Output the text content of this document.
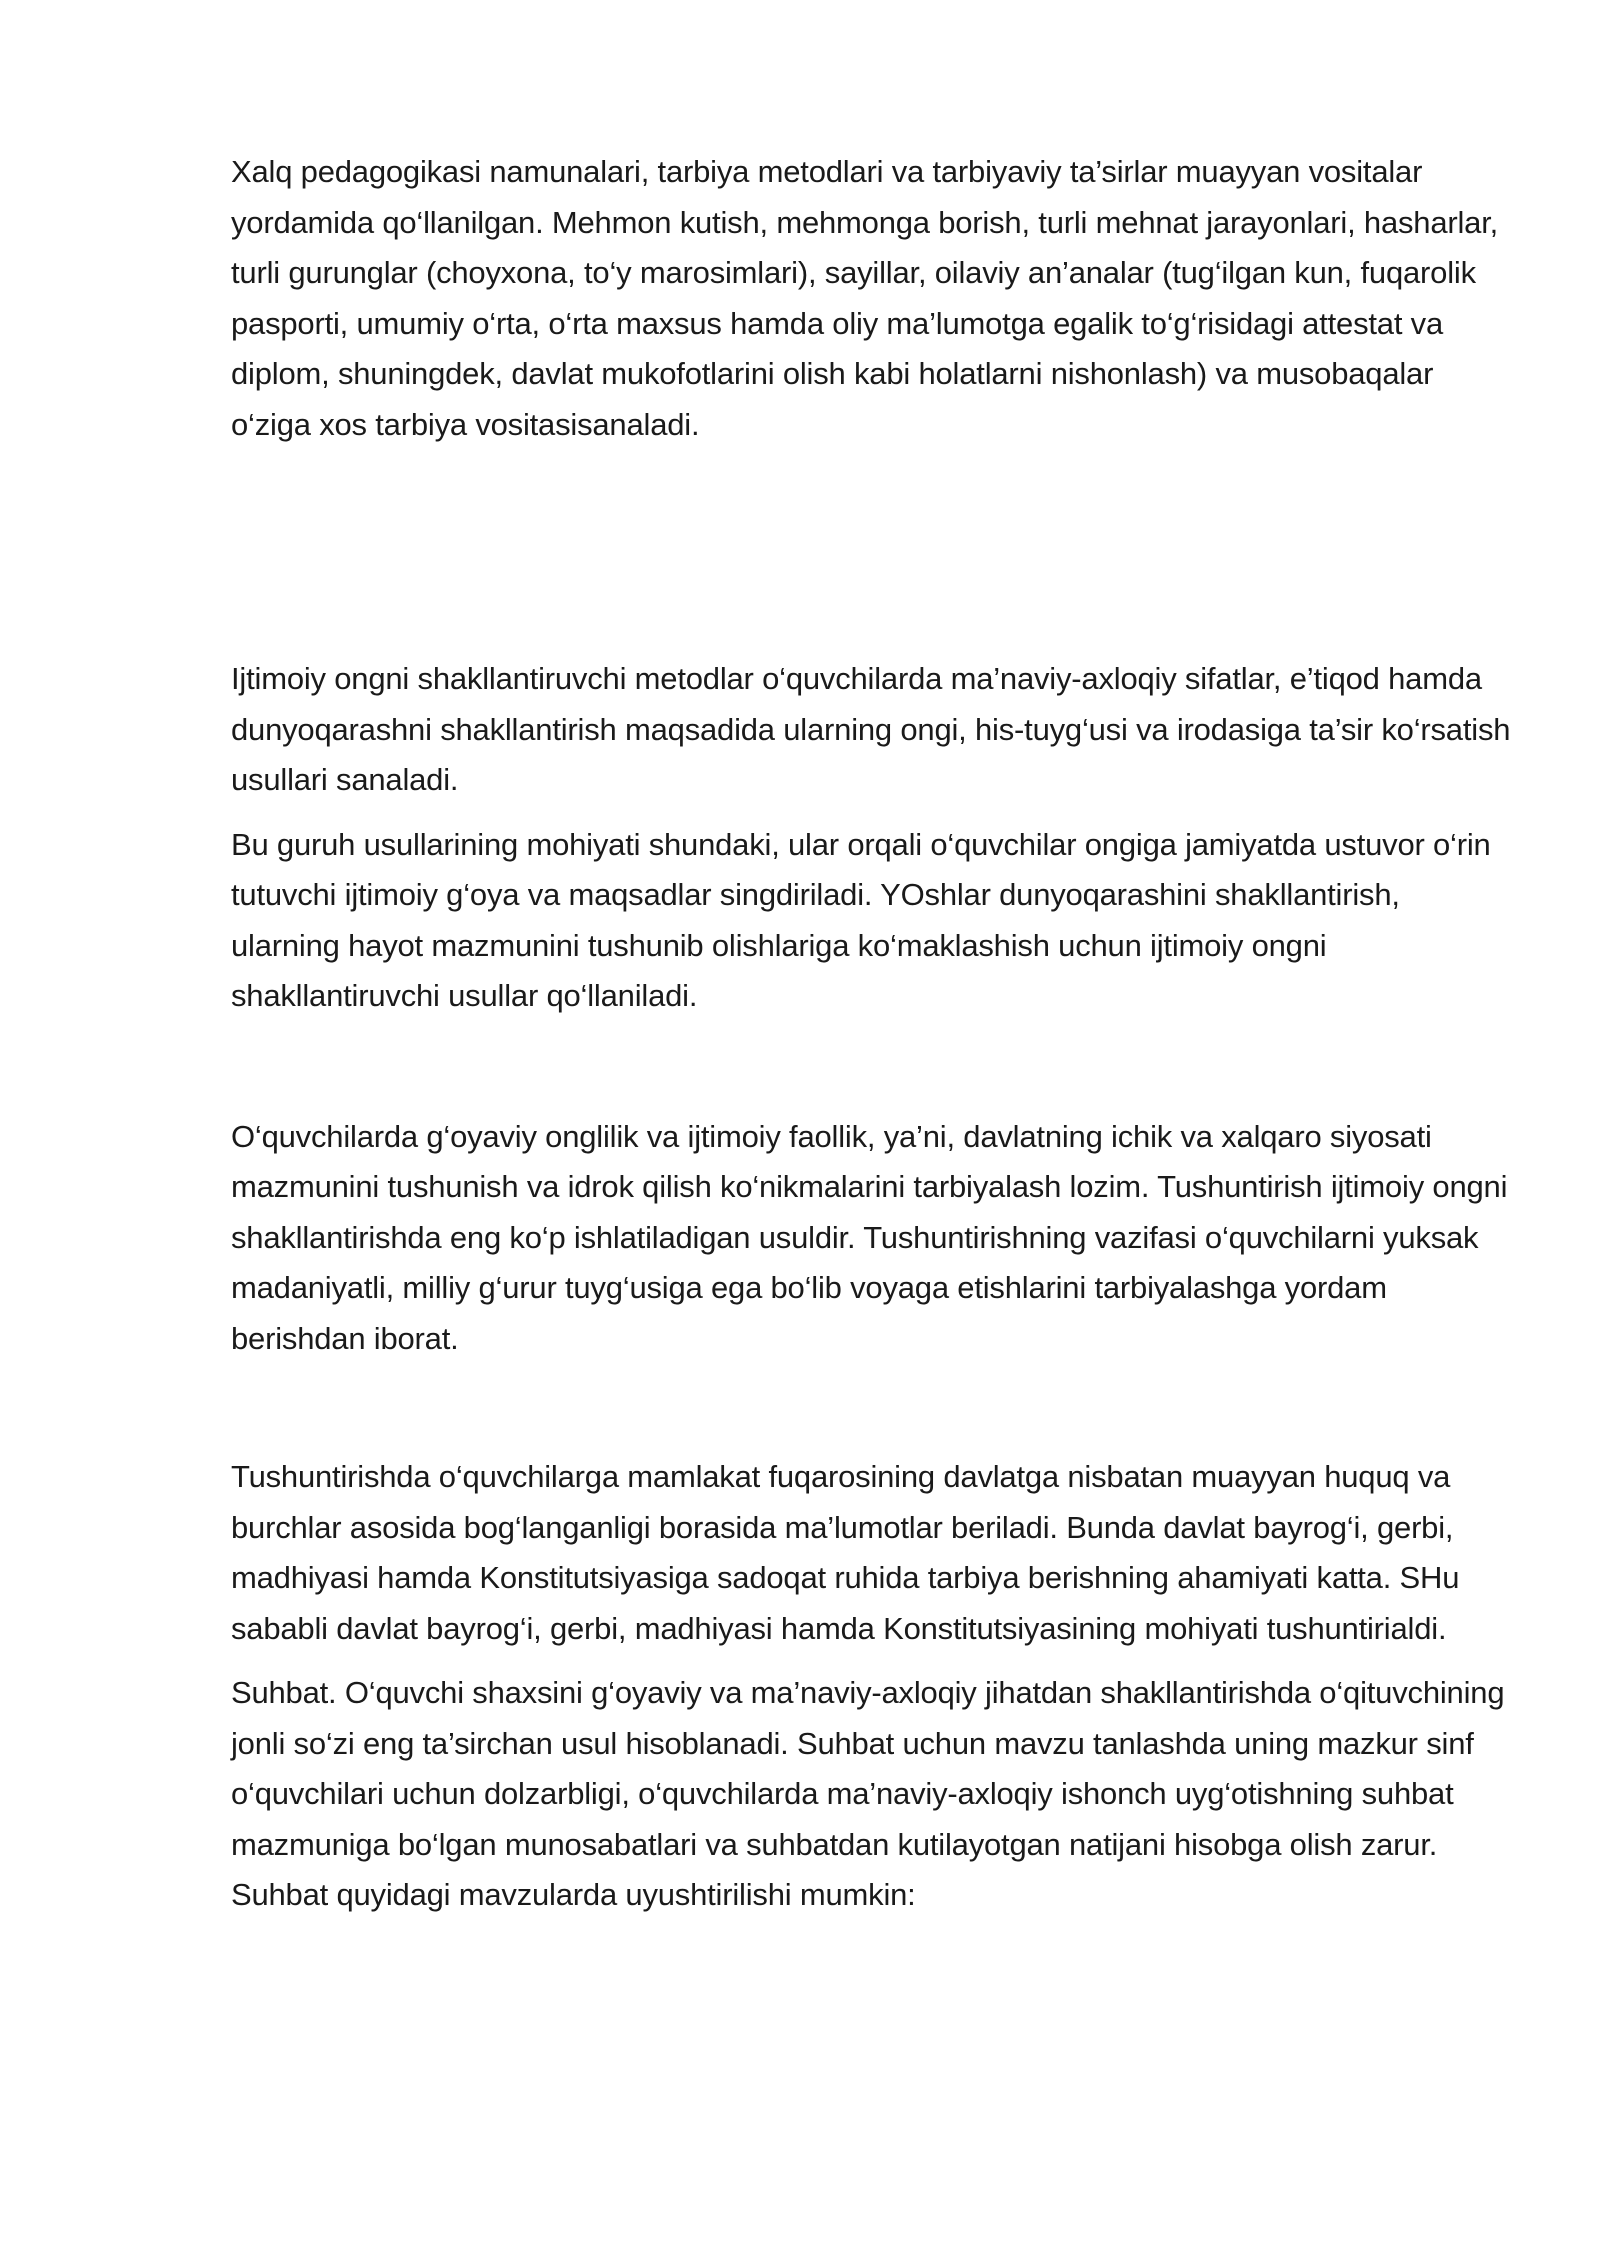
Xalq pedagogikasi namunalari, tarbiya metodlari va tarbiyaviy ta’sirlar muayyan vositalar yordamida qo‘llanilgan. Mehmon kutish, mehmonga borish, turli mehnat jarayonlari, hasharlar, turli gurunglar (choyxona, to‘y marosimlari), sayillar, oilaviy an’analar (tug‘ilgan kun, fuqarolik pasporti, umumiy o‘rta, o‘rta maxsus hamda oliy ma’lumotga egalik to‘g‘risidagi attestat va diplom, shuningdek, davlat mukofotlarini olish kabi holatlarni nishonlash) va musobaqalar o‘ziga xos tarbiya vositasisanaladi.

Ijtimoiy ongni shakllantiruvchi metodlar o‘quvchilarda ma’naviy-axloqiy sifatlar, e’tiqod hamda dunyoqarashni shakllantirish maqsadida ularning ongi, his-tuyg‘usi va irodasiga ta’sir ko‘rsatish usullari sanaladi.

Bu guruh usullarining mohiyati shundaki, ular orqali o‘quvchilar ongiga jamiyatda ustuvor o‘rin tutuvchi ijtimoiy g‘oya va maqsadlar singdiriladi. YOshlar dunyoqarashini shakllantirish, ularning hayot mazmunini tushunib olishlariga ko‘maklashish uchun ijtimoiy ongni shakllantiruvchi usullar qo‘llaniladi.

O‘quvchilarda g‘oyaviy onglilik va ijtimoiy faollik, ya’ni, davlatning ichik va xalqaro siyosati mazmunini tushunish va idrok qilish ko‘nikmalarini tarbiyalash lozim. Tushuntirish ijtimoiy ongni shakllantirishda eng ko‘p ishlatiladigan usuldir. Tushuntirishning vazifasi o‘quvchilarni yuksak madaniyatli, milliy g‘urur tuyg‘usiga ega bo‘lib voyaga etishlarini tarbiyalashga yordam berishdan iborat.

Tushuntirishda o‘quvchilarga mamlakat fuqarosining davlatga nisbatan muayyan huquq va burchlar asosida bog‘langanligi borasida ma’lumotlar beriladi. Bunda davlat bayrog‘i, gerbi, madhiyasi hamda Konstitutsiyasiga sadoqat ruhida tarbiya berishning ahamiyati katta. SHu sababli davlat bayrog‘i, gerbi, madhiyasi hamda Konstitutsiyasining mohiyati tushuntirialdi.

Suhbat. O‘quvchi shaxsini g‘oyaviy va ma’naviy-axloqiy jihatdan shakllantirishda o‘qituvchining jonli so‘zi eng ta’sirchan usul hisoblanadi. Suhbat uchun mavzu tanlashda uning mazkur sinf o‘quvchilari uchun dolzarbligi, o‘quvchilarda ma’naviy-axloqiy ishonch uyg‘otishning suhbat mazmuniga bo‘lgan munosabatlari va suhbatdan kutilayotgan natijani hisobga olish zarur. Suhbat quyidagi mavzularda uyushtirilishi mumkin:
